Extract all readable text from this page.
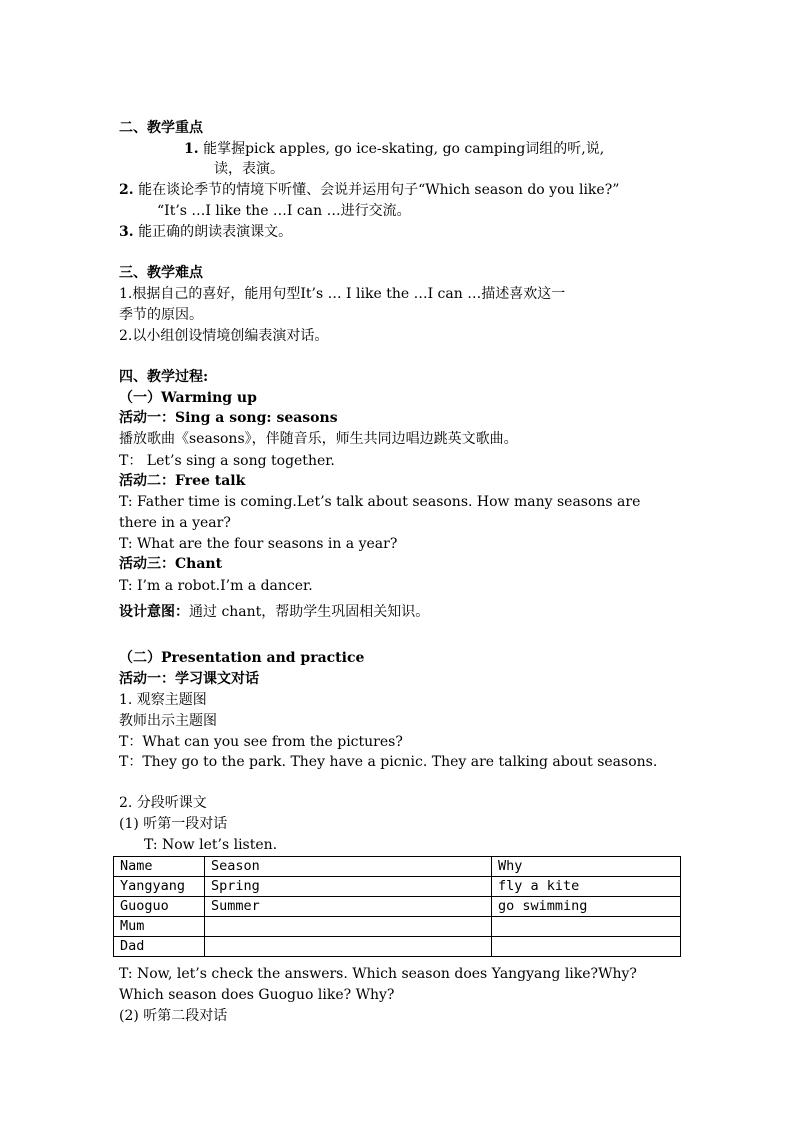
二、教学重点
1. 能掌握pick apples, go ice-skating, go camping词组的听,说,
读，表演。
2. 能在谈论季节的情境下听懂、会说并运用句子“Which season do you like?”
“It’s …I like the …I can …进行交流。
3. 能正确的朗读表演课文。
三、教学难点
1.根据自己的喜好，能用句型It’s … I like the …I can …描述喜欢这一
季节的原因。
2.以小组创设情境创编表演对话。
四、教学过程:
（一）Warming up
活动一：Sing a song: seasons
播放歌曲《seasons》，伴随音乐，师生共同边唱边跳英文歌曲。
T： Let’s sing a song together.
活动二：Free talk
T: Father time is coming.Let’s talk about seasons. How many seasons are
there in a year?
T: What are the four seasons in a year?
活动三：Chant
T: I’m a robot.I’m a dancer.
设计意图：通过 chant，帮助学生巩固相关知识。
（二）Presentation and practice
活动一：学习课文对话
1. 观察主题图
教师出示主题图
T：What can you see from the pictures?
T：They go to the park. They have a picnic. They are talking about seasons.
2. 分段听课文
(1) 听第一段对话
T: Now let’s listen.
Name	Season	Why
Yangyang	Spring	fly a kite
Guoguo	Summer	go swimming
Mum		
Dad		
T: Now, let’s check the answers. Which season does Yangyang like?Why?
Which season does Guoguo like? Why?
(2) 听第二段对话
